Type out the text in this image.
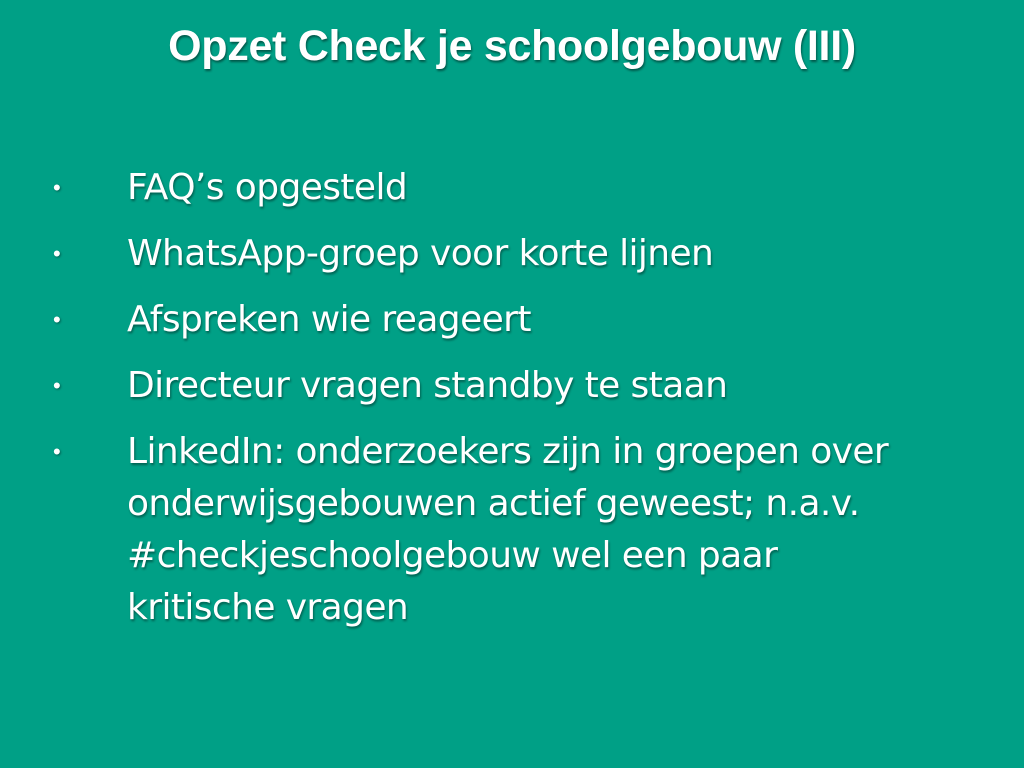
Opzet Check je schoolgebouw (III)
•	FAQ’s opgesteld
•	WhatsApp-groep voor korte lijnen
•	Afspreken wie reageert
•	Directeur vragen standby te staan
•	LinkedIn: onderzoekers zijn in groepen over onderwijsgebouwen actief geweest; n.a.v. #checkjeschoolgebouw wel een paar kritische vragen
